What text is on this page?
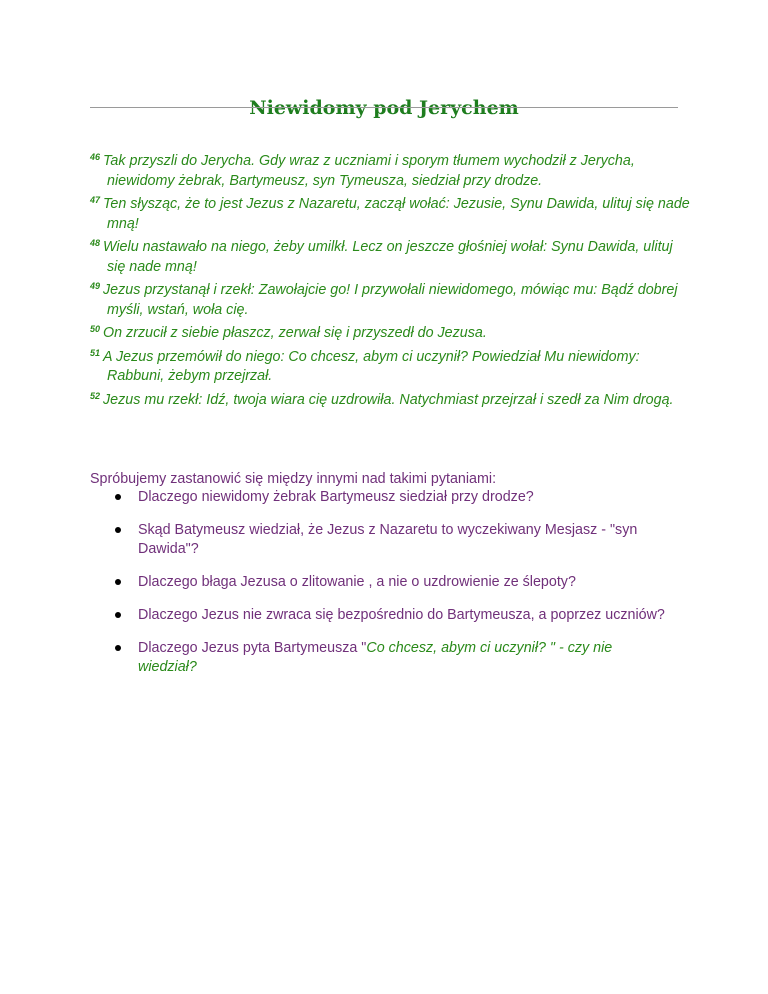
Niewidomy pod Jerychem

$^{46}$ Tak przyszli do Jerycha. Gdy wraz z uczniami i sporym tłumem wychodził z Jerycha, niewidomy żebrak, Bartymeusz, syn Tymeusza, siedział przy drodze.

$^{47}$ Ten słysząc, że to jest Jezus z Nazaretu, zaczął wołać: Jezusie, Synu Dawida, ulituj się nade mną!

$^{48}$ Wielu nastawało na niego, żeby umilkł. Lecz on jeszcze głośniej wołał: Synu Dawida, ulituj się nade mną!

$^{49}$ Jezus przystanął i rzekł: Zawołajcie go! I przywołali niewidomego, mówiąc mu: Bądź dobrej myśli, wstań, woła cię.

$^{50}$ On zrzucił z siebie płaszcz, zerwał się i przyszedł do Jezusa.

$^{51}$ A Jezus przemówił do niego: Co chcesz, abym ci uczynił? Powiedział Mu niewidomy: Rabbuni, żebym przejrzał.

$^{52}$ Jezus mu rzekł: Idź, twoja wiara cię uzdrowiła. Natychmiast przejrzał i szedł za Nim drogą.

Spróbujemy zastanowić się między innymi nad takimi pytaniami:

Dlaczego niewidomy żebrak Bartymeusz siedział przy drodze?
Skąd Batymeusz wiedział, że Jezus z Nazaretu to wyczekiwany Mesjasz - "syn Dawida"?
Dlaczego błaga Jezusa o zlitowanie , a nie o uzdrowienie ze ślepoty?
Dlaczego Jezus nie zwraca się bezpośrednio do Bartymeusza, a poprzez uczniów?
Dlaczego Jezus pyta Bartymeusza "Co chcesz, abym ci uczynił? " - czy nie wiedział?
